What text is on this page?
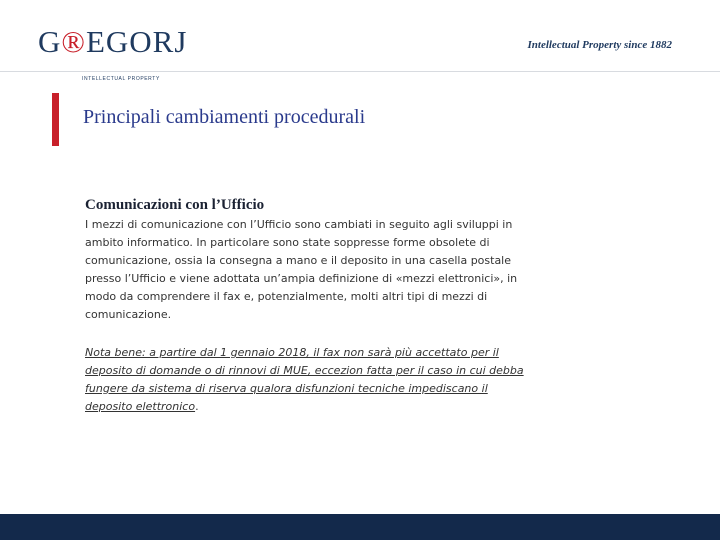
G®EGORJ
INTELLECTUAL PROPERTY
Intellectual Property since 1882
Principali cambiamenti procedurali
Comunicazioni con l’Ufficio

I mezzi di comunicazione con l’Ufficio sono cambiati in seguito agli sviluppi in ambito informatico. In particolare sono state soppresse forme obsolete di comunicazione, ossia la consegna a mano e il deposito in una casella postale presso l’Ufficio e viene adottata un’ampia definizione di «mezzi elettronici», in modo da comprendere il fax e, potenzialmente, molti altri tipi di mezzi di comunicazione.

Nota bene: a partire dal 1 gennaio 2018, il fax non sarà più accettato per il deposito di domande o di rinnovi di MUE, eccezion fatta per il caso in cui debba fungere da sistema di riserva qualora disfunzioni tecniche impediscano il deposito elettronico.
